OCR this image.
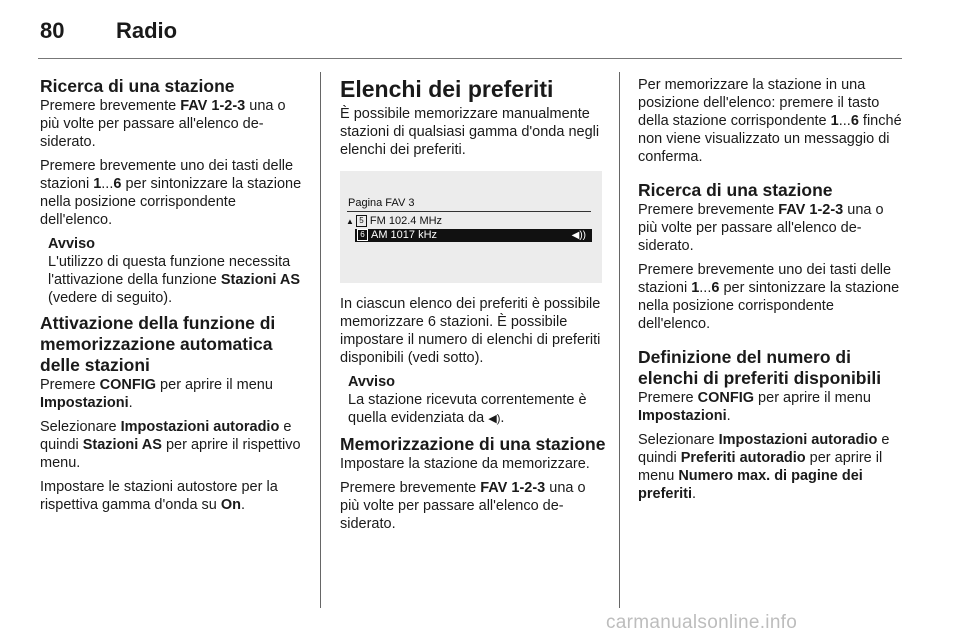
80 Radio
Ricerca di una stazione

Premere brevemente FAV 1-2-3 una o più volte per passare all'elenco desiderato.

Premere brevemente uno dei tasti delle stazioni 1...6 per sintonizzare la stazione nella posizione corrispondente dell'elenco.

Avviso

L'utilizzo di questa funzione necessita l'attivazione della funzione Stazioni AS (vedere di seguito).

Attivazione della funzione di memorizzazione automatica delle stazioni

Premere CONFIG per aprire il menu Impostazioni.

Selezionare Impostazioni autoradio e quindi Stazioni AS per aprire il rispettivo menu.

Impostare le stazioni autostore per la rispettiva gamma d'onda su On.

Elenchi dei preferiti

È possibile memorizzare manualmente stazioni di qualsiasi gamma d'onda negli elenchi dei preferiti.

Pagina FAV 3
▲ 5 FM 102.4 MHz
6 AM 1017 kHz	◀))

In ciascun elenco dei preferiti è possibile memorizzare 6 stazioni. È possibile impostare il numero di elenchi di preferiti disponibili (vedi sotto).

Avviso

La stazione ricevuta correntemente è quella evidenziata da ◀).

Memorizzazione di una stazione

Impostare la stazione da memorizzare.

Premere brevemente FAV 1-2-3 una o più volte per passare all'elenco desiderato.

Per memorizzare la stazione in una posizione dell'elenco: premere il tasto della stazione corrispondente 1...6 finché non viene visualizzato un messaggio di conferma.

Ricerca di una stazione

Premere brevemente FAV 1-2-3 una o più volte per passare all'elenco desiderato.

Premere brevemente uno dei tasti delle stazioni 1...6 per sintonizzare la stazione nella posizione corrispondente dell'elenco.

Definizione del numero di elenchi di preferiti disponibili

Premere CONFIG per aprire il menu Impostazioni.

Selezionare Impostazioni autoradio e quindi Preferiti autoradio per aprire il menu Numero max. di pagine dei preferiti.

carmanualsonline.info
